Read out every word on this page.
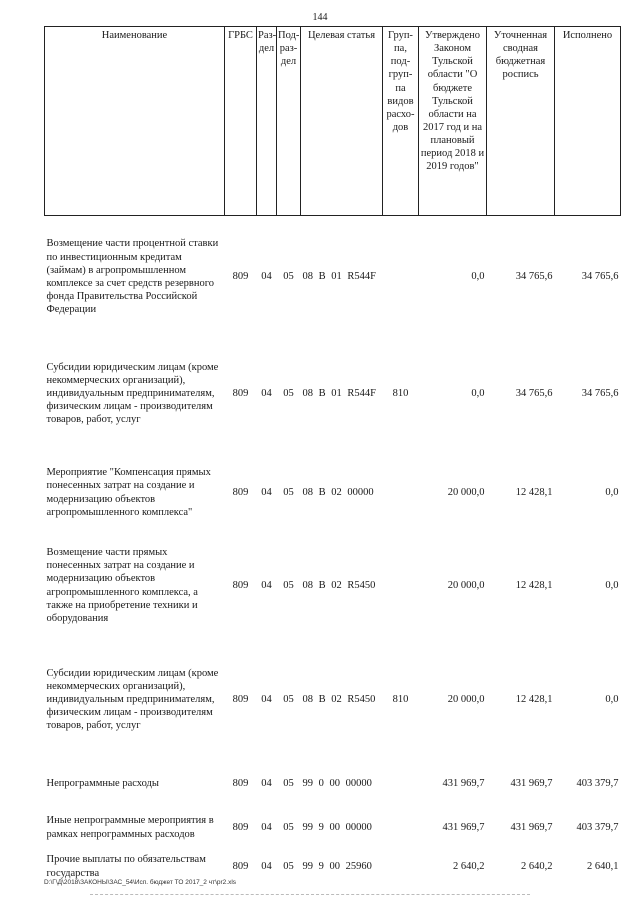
144
Наименование	ГРБС	Раз-дел	Под-раз-дел	Целевая статья	Груп-па, под-груп-па видов расхо-дов	Утверждено Законом Тульской области "О бюджете Тульской области на 2017 год и на плановый период 2018 и 2019 годов"	Уточненная сводная бюджетная роспись	Исполнено
Возмещение части процентной ставки по инвестиционным кредитам (займам) в агропромышленном комплексе за счет средств резервного фонда Правительства Российской Федерации	809	04	05	08 В 01 R544F		0,0	34 765,6	34 765,6
Субсидии юридическим лицам (кроме некоммерческих организаций), индивидуальным предпринимателям, физическим лицам - производителям товаров, работ, услуг	809	04	05	08 В 01 R544F	810	0,0	34 765,6	34 765,6
Мероприятие "Компенсация прямых понесенных затрат на создание и модернизацию объектов агропромышленного комплекса"	809	04	05	08 В 02 00000		20 000,0	12 428,1	0,0
Возмещение части прямых понесенных затрат на создание и модернизацию объектов агропромышленного комплекса, а также на приобретение техники и оборудования	809	04	05	08 В 02 R5450		20 000,0	12 428,1	0,0
Субсидии юридическим лицам (кроме некоммерческих организаций), индивидуальным предпринимателям, физическим лицам - производителям товаров, работ, услуг	809	04	05	08 В 02 R5450	810	20 000,0	12 428,1	0,0
Непрограммные расходы	809	04	05	99 0 00 00000		431 969,7	431 969,7	403 379,7
Иные непрограммные мероприятия в рамках непрограммных расходов	809	04	05	99 9 00 00000		431 969,7	431 969,7	403 379,7
Прочие выплаты по обязательствам государства	809	04	05	99 9 00 25960		2 640,2	2 640,2	2 640,1
D:\Г\Д\2018\ЗАКОНЫ\ЗАС_54\Исп. бюджет ТО 2017_2 чт\pr2.xls
